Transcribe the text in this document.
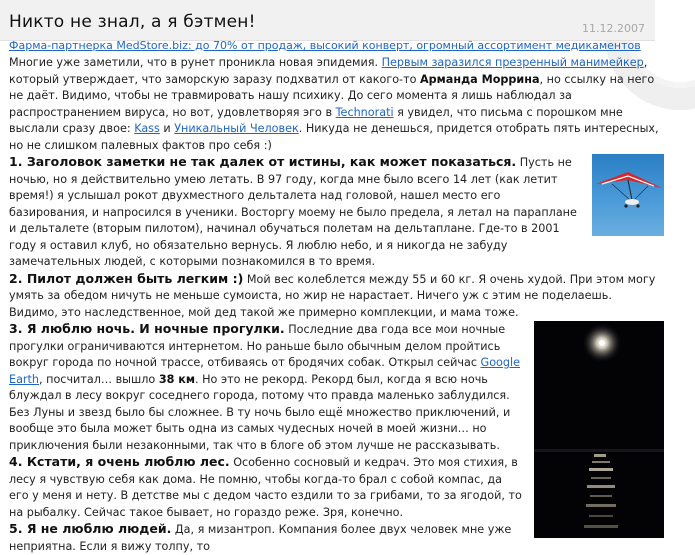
Никто не знал, а я бэтмен!	11.12.2007
Фарма-партнерка MedStore.biz: до 70% от продаж, высокий конверт, огромный ассортимент медикаментов

Многие уже заметили, что в рунет проникла новая эпидемия. Первым заразился презренный манимейкер, который утверждает, что заморскую заразу подхватил от какого-то Арманда Моррина, но ссылку на него не даёт. Видимо, чтобы не травмировать нашу психику. До сего момента я лишь наблюдал за распространением вируса, но вот, удовлетворяя эго в Technorati я увидел, что письма с порошком мне выслали сразу двое: Kass и Уникальный Человек. Никуда не денешься, придется отобрать пять интересных, но не слишком палевных фактов про себя :)

1. Заголовок заметки не так далек от истины, как может показаться. Пусть не ночью, но я действительно умею летать. В 97 году, когда мне было всего 14 лет (как летит время!) я услышал рокот двухместного дельталета над головой, нашел место его базирования, и напросился в ученики. Восторгу моему не было предела, я летал на параплане и дельталете (вторым пилотом), начинал обучаться полетам на дельтаплане. Где-то в 2001 году я оставил клуб, но обязательно вернусь. Я люблю небо, и я никогда не забуду замечательных людей, с которыми познакомился в то время.

2. Пилот должен быть легким :) Мой вес колеблется между 55 и 60 кг. Я очень худой. При этом могу умять за обедом ничуть не меньше сумоиста, но жир не нарастает. Ничего уж с этим не поделаешь. Видимо, это наследственное, мой дед такой же примерно комплекции, и мама тоже.

3. Я люблю ночь. И ночные прогулки. Последние два года все мои ночные прогулки ограничиваются интернетом. Но раньше было обычным делом пройтись вокруг города по ночной трассе, отбиваясь от бродячих собак. Открыл сейчас Google Earth, посчитал… вышло 38 км. Но это не рекорд. Рекорд был, когда я всю ночь блуждал в лесу вокруг соседнего города, потому что правда маленько заблудился. Без Луны и звезд было бы сложнее. В ту ночь было ещё множество приключений, и вообще это была может быть одна из самых чудесных ночей в моей жизни… но приключения были незаконными, так что в блоге об этом лучше не рассказывать.

4. Кстати, я очень люблю лес. Особенно сосновый и кедрач. Это моя стихия, в лесу я чувствую себя как дома. Не помню, чтобы когда-то брал с собой компас, да его у меня и нету. В детстве мы с дедом часто ездили то за грибами, то за ягодой, то на рыбалку. Сейчас такое бывает, но гораздо реже. Зря, конечно.

5. Я не люблю людей. Да, я мизантроп. Компания более двух человек мне уже неприятна. Если я вижу толпу, то
